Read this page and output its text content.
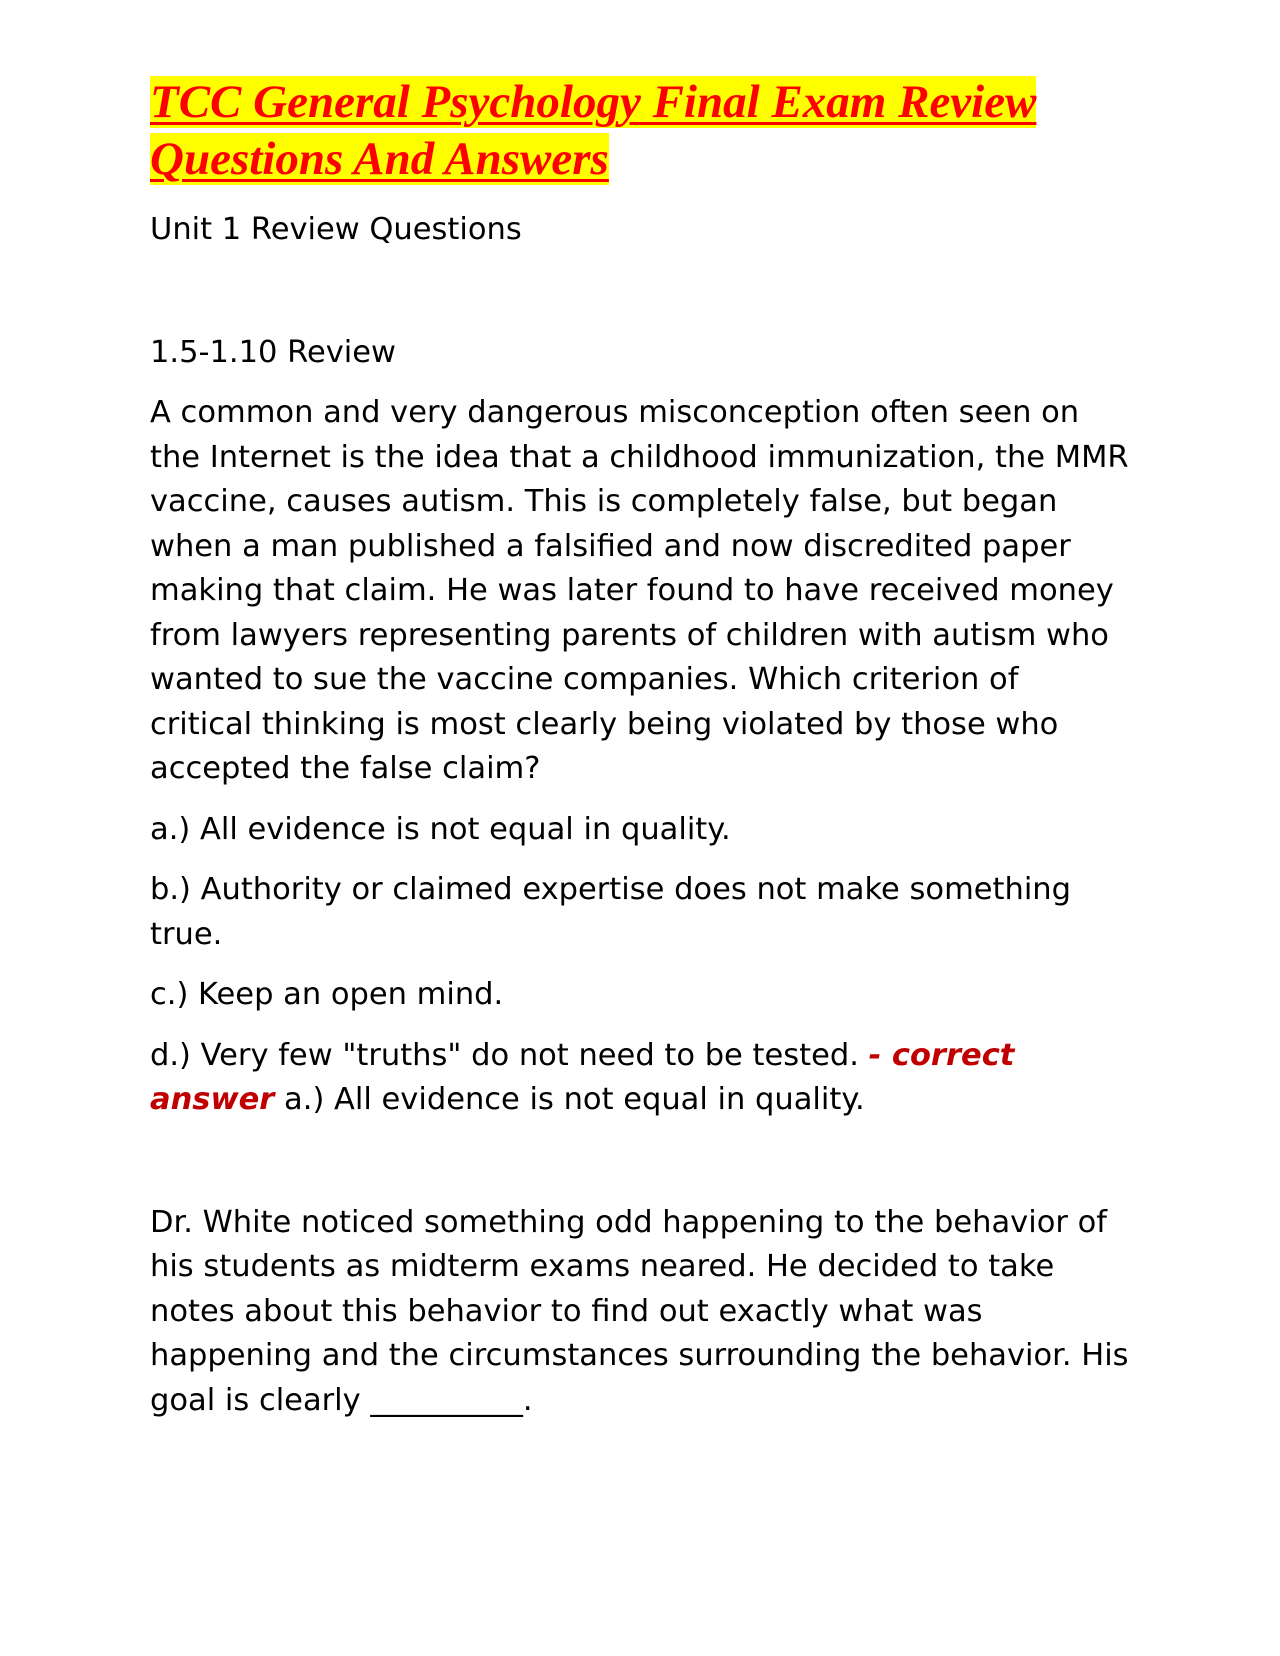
TCC General Psychology Final Exam Review
Questions And Answers

Unit 1 Review Questions

1.5-1.10 Review

A common and very dangerous misconception often seen on the Internet is the idea that a childhood immunization, the MMR vaccine, causes autism. This is completely false, but began when a man published a falsified and now discredited paper making that claim. He was later found to have received money from lawyers representing parents of children with autism who wanted to sue the vaccine companies. Which criterion of critical thinking is most clearly being violated by those who accepted the false claim?

a.) All evidence is not equal in quality.

b.) Authority or claimed expertise does not make something true.

c.) Keep an open mind.

d.) Very few "truths" do not need to be tested. - correct answer a.) All evidence is not equal in quality.

Dr. White noticed something odd happening to the behavior of his students as midterm exams neared. He decided to take notes about this behavior to find out exactly what was happening and the circumstances surrounding the behavior. His goal is clearly __________.
